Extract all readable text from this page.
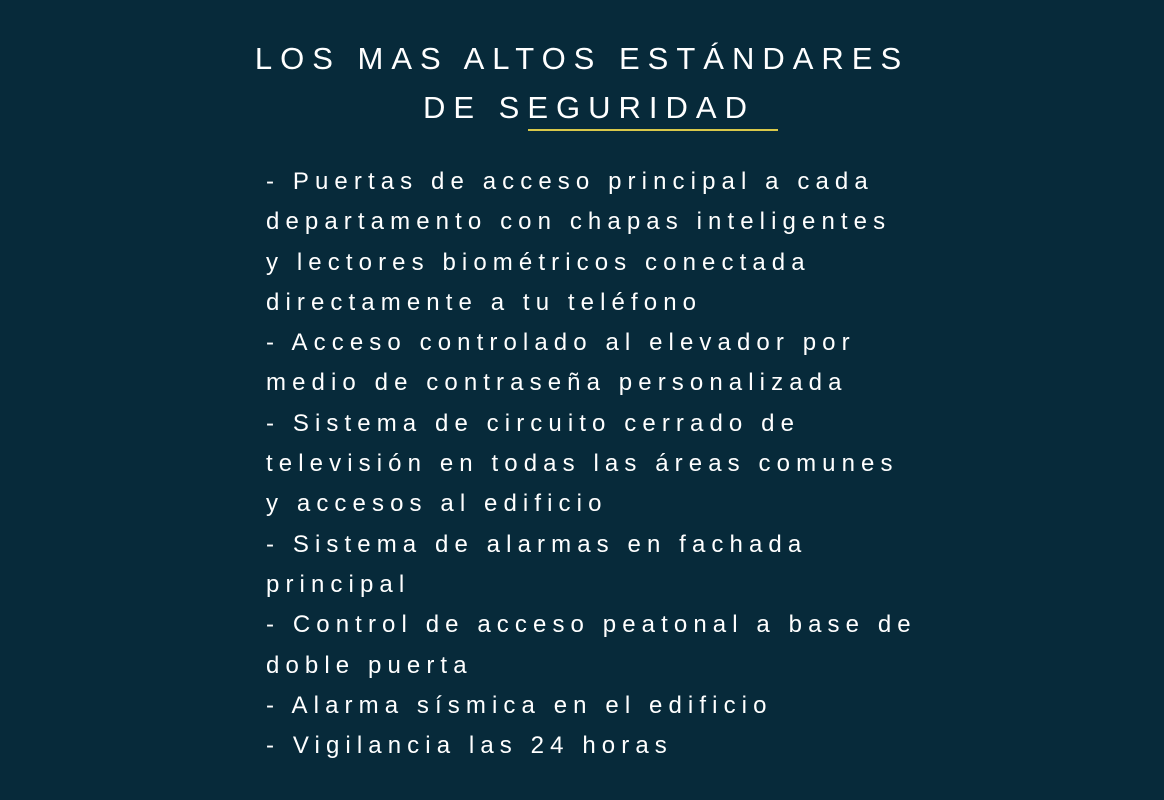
LOS MAS ALTOS ESTÁNDARES
DE SEGURIDAD
- Puertas de acceso principal a cada
departamento con chapas inteligentes
y lectores biométricos conectada
directamente a tu teléfono
- Acceso controlado al elevador por
medio de contraseña personalizada
- Sistema de circuito cerrado de
televisión en todas las áreas comunes
y accesos al edificio
- Sistema de alarmas en fachada
principal
- Control de acceso peatonal a base de
doble puerta
- Alarma sísmica en el edificio
- Vigilancia las 24 horas
